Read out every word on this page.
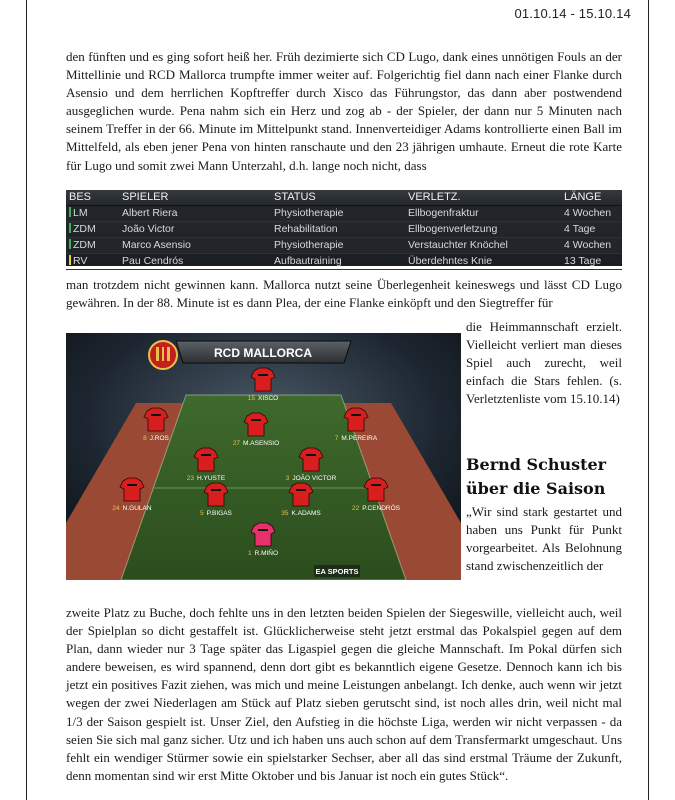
01.10.14 - 15.10.14

den fünften und es ging sofort heiß her. Früh dezimierte sich CD Lugo, dank eines unnötigen Fouls an der Mittellinie und RCD Mallorca trumpfte immer weiter auf. Folgerichtig fiel dann nach einer Flanke durch Asensio und dem herrlichen Kopftreffer durch Xisco das Führungstor, das dann aber postwendend ausgeglichen wurde. Pena nahm sich ein Herz und zog ab - der Spieler, der dann nur 5 Minuten nach seinem Treffer in der 66. Minute im Mittelpunkt stand. Innenverteidiger Adams kontrollierte einen Ball im Mittelfeld, als eben jener Pena von hinten ranschaute und den 23 jährigen umhaute. Erneut die rote Karte für Lugo und somit zwei Mann Unterzahl, d.h. lange noch nicht, dass

BES	SPIELER	STATUS	VERLETZ.	LÄNGE
LM	Albert Riera	Physiotherapie	Ellbogenfraktur	4 Wochen
ZDM	João Victor	Rehabilitation	Ellbogenverletzung	4 Tage
ZDM	Marco Asensio	Physiotherapie	Verstauchter Knöchel	4 Wochen
RV	Pau Cendrós	Aufbautraining	Überdehntes Knie	13 Tage

man trotzdem nicht gewinnen kann. Mallorca nutzt seine Überlegenheit keineswegs und lässt CD Lugo gewähren. In der 88. Minute ist es dann Plea, der eine Flanke einköpft und den Siegtreffer für

RCD MALLORCA
15 XISCO
8 J.ROS
27 M.ASENSIO
7 M.PEREIRA
23 H.YUSTE	3 JOÃO VICTOR
24 N.GULAN
5 P.BIGAS	35 K.ADAMS
22 P.CENDRÓS
1 R.MIÑO
EA SPORTS

die Heimmannschaft erzielt. Vielleicht verliert man dieses Spiel auch zurecht, weil einfach die Stars fehlen. (s. Verletztenliste vom 15.10.14)

Bernd Schuster über die Saison

„Wir sind stark gestartet und haben uns Punkt für Punkt vorgearbeitet. Als Belohnung stand zwischenzeitlich der

zweite Platz zu Buche, doch fehlte uns in den letzten beiden Spielen der Siegeswille, vielleicht auch, weil der Spielplan so dicht gestaffelt ist. Glücklicherweise steht jetzt erstmal das Pokalspiel gegen auf dem Plan, dann wieder nur 3 Tage später das Ligaspiel gegen die gleiche Mannschaft. Im Pokal dürfen sich andere beweisen, es wird spannend, denn dort gibt es bekanntlich eigene Gesetze. Dennoch kann ich bis jetzt ein positives Fazit ziehen, was mich und meine Leistungen anbelangt. Ich denke, auch wenn wir jetzt wegen der zwei Niederlagen am Stück auf Platz sieben gerutscht sind, ist noch alles drin, weil nicht mal 1/3 der Saison gespielt ist. Unser Ziel, den Aufstieg in die höchste Liga, werden wir nicht verpassen - da seien Sie sich mal ganz sicher. Utz und ich haben uns auch schon auf dem Transfermarkt umgeschaut. Uns fehlt ein wendiger Stürmer sowie ein spielstarker Sechser, aber all das sind erstmal Träume der Zukunft, denn momentan sind wir erst Mitte Oktober und bis Januar ist noch ein gutes Stück“.
